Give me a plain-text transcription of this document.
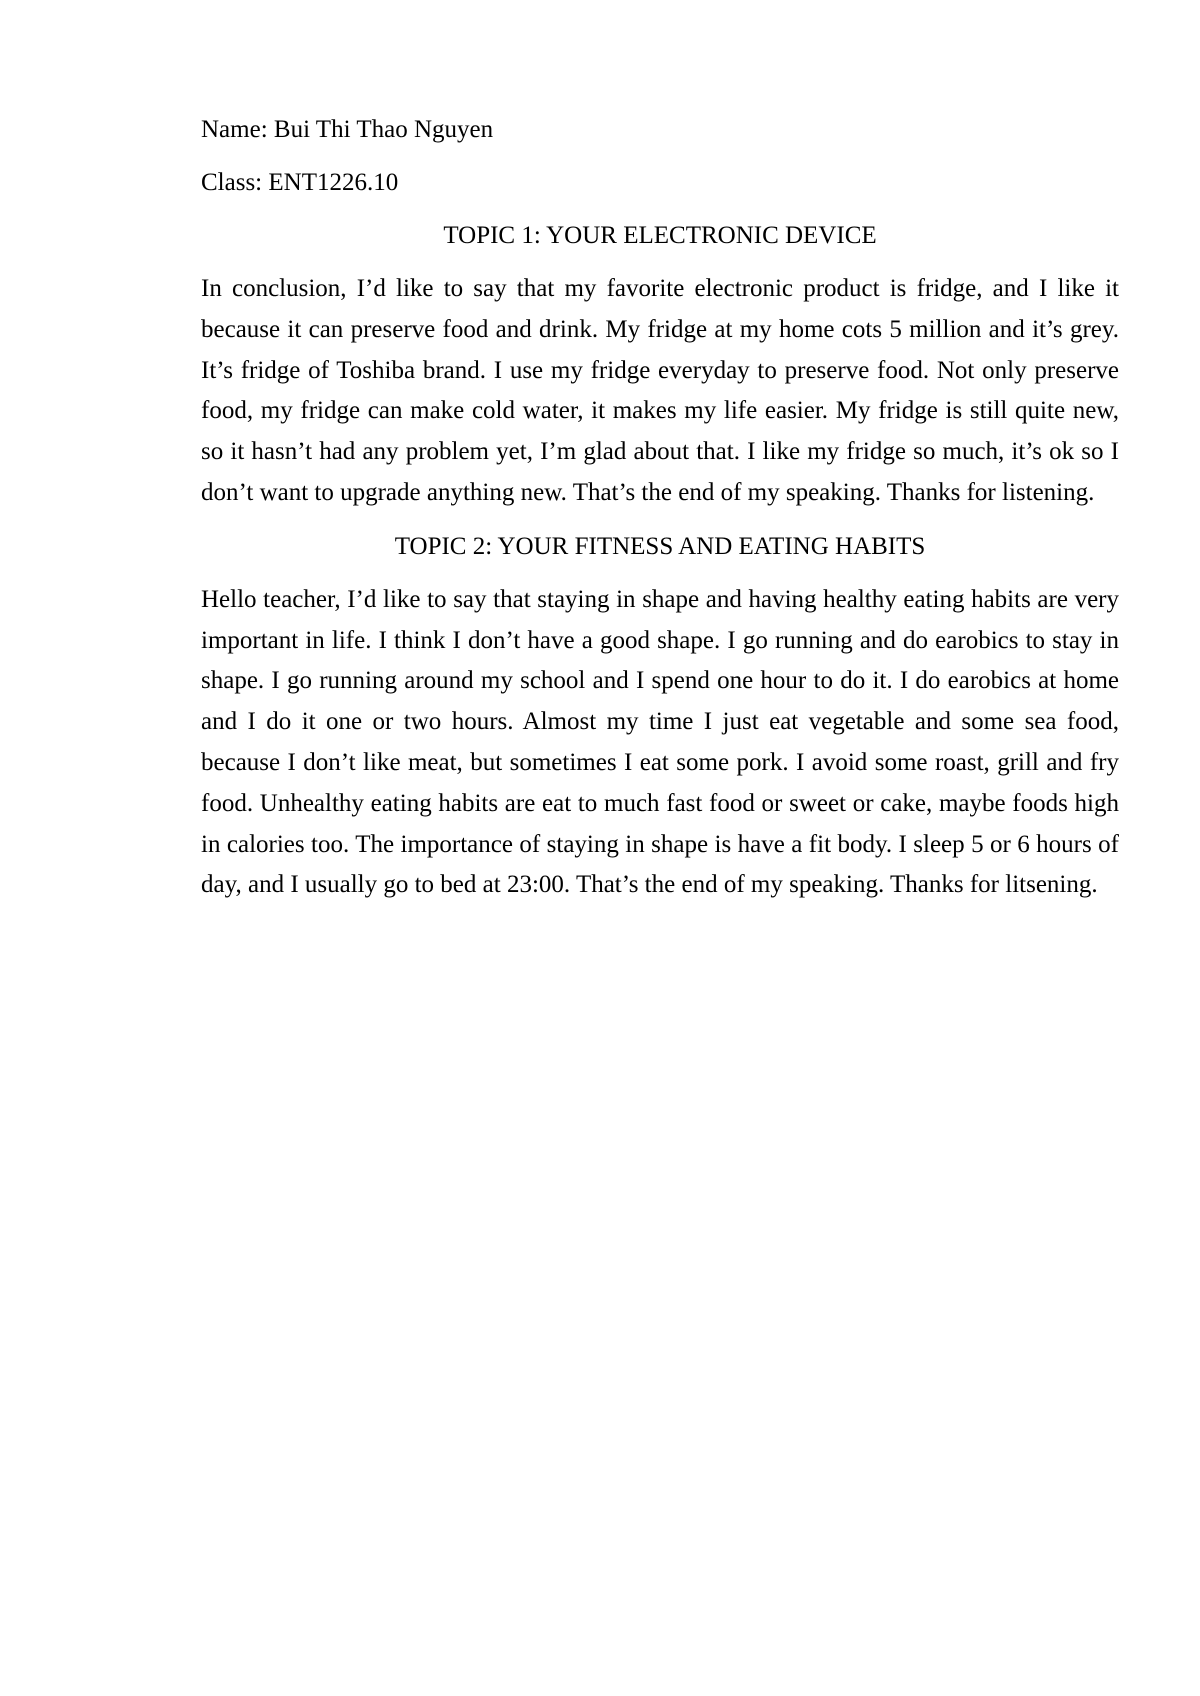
Name: Bui Thi Thao Nguyen

Class: ENT1226.10

TOPIC 1: YOUR ELECTRONIC DEVICE

In conclusion, I’d like to say that my favorite electronic product is fridge, and I like it because it can preserve food and drink. My fridge at my home cots 5 million and it’s grey. It’s fridge of Toshiba brand. I use my fridge everyday to preserve food. Not only preserve food, my fridge can make cold water, it makes my life easier. My fridge is still quite new, so it hasn’t had any problem yet, I’m glad about that. I like my fridge so much, it’s ok so I don’t want to upgrade anything new. That’s the end of my speaking. Thanks for listening.

TOPIC 2: YOUR FITNESS AND EATING HABITS

Hello teacher, I’d like to say that staying in shape and having healthy eating habits are very important in life. I think I don’t have a good shape. I go running and do earobics to stay in shape. I go running around my school and I spend one hour to do it. I do earobics at home and I do it one or two hours. Almost my time I just eat vegetable and some sea food, because I don’t like meat, but sometimes I eat some pork. I avoid some roast, grill and fry food. Unhealthy eating habits are eat to much fast food or sweet or cake, maybe foods high in calories too. The importance of staying in shape is have a fit body. I sleep 5 or 6 hours of day, and I usually go to bed at 23:00. That’s the end of my speaking. Thanks for litsening.
